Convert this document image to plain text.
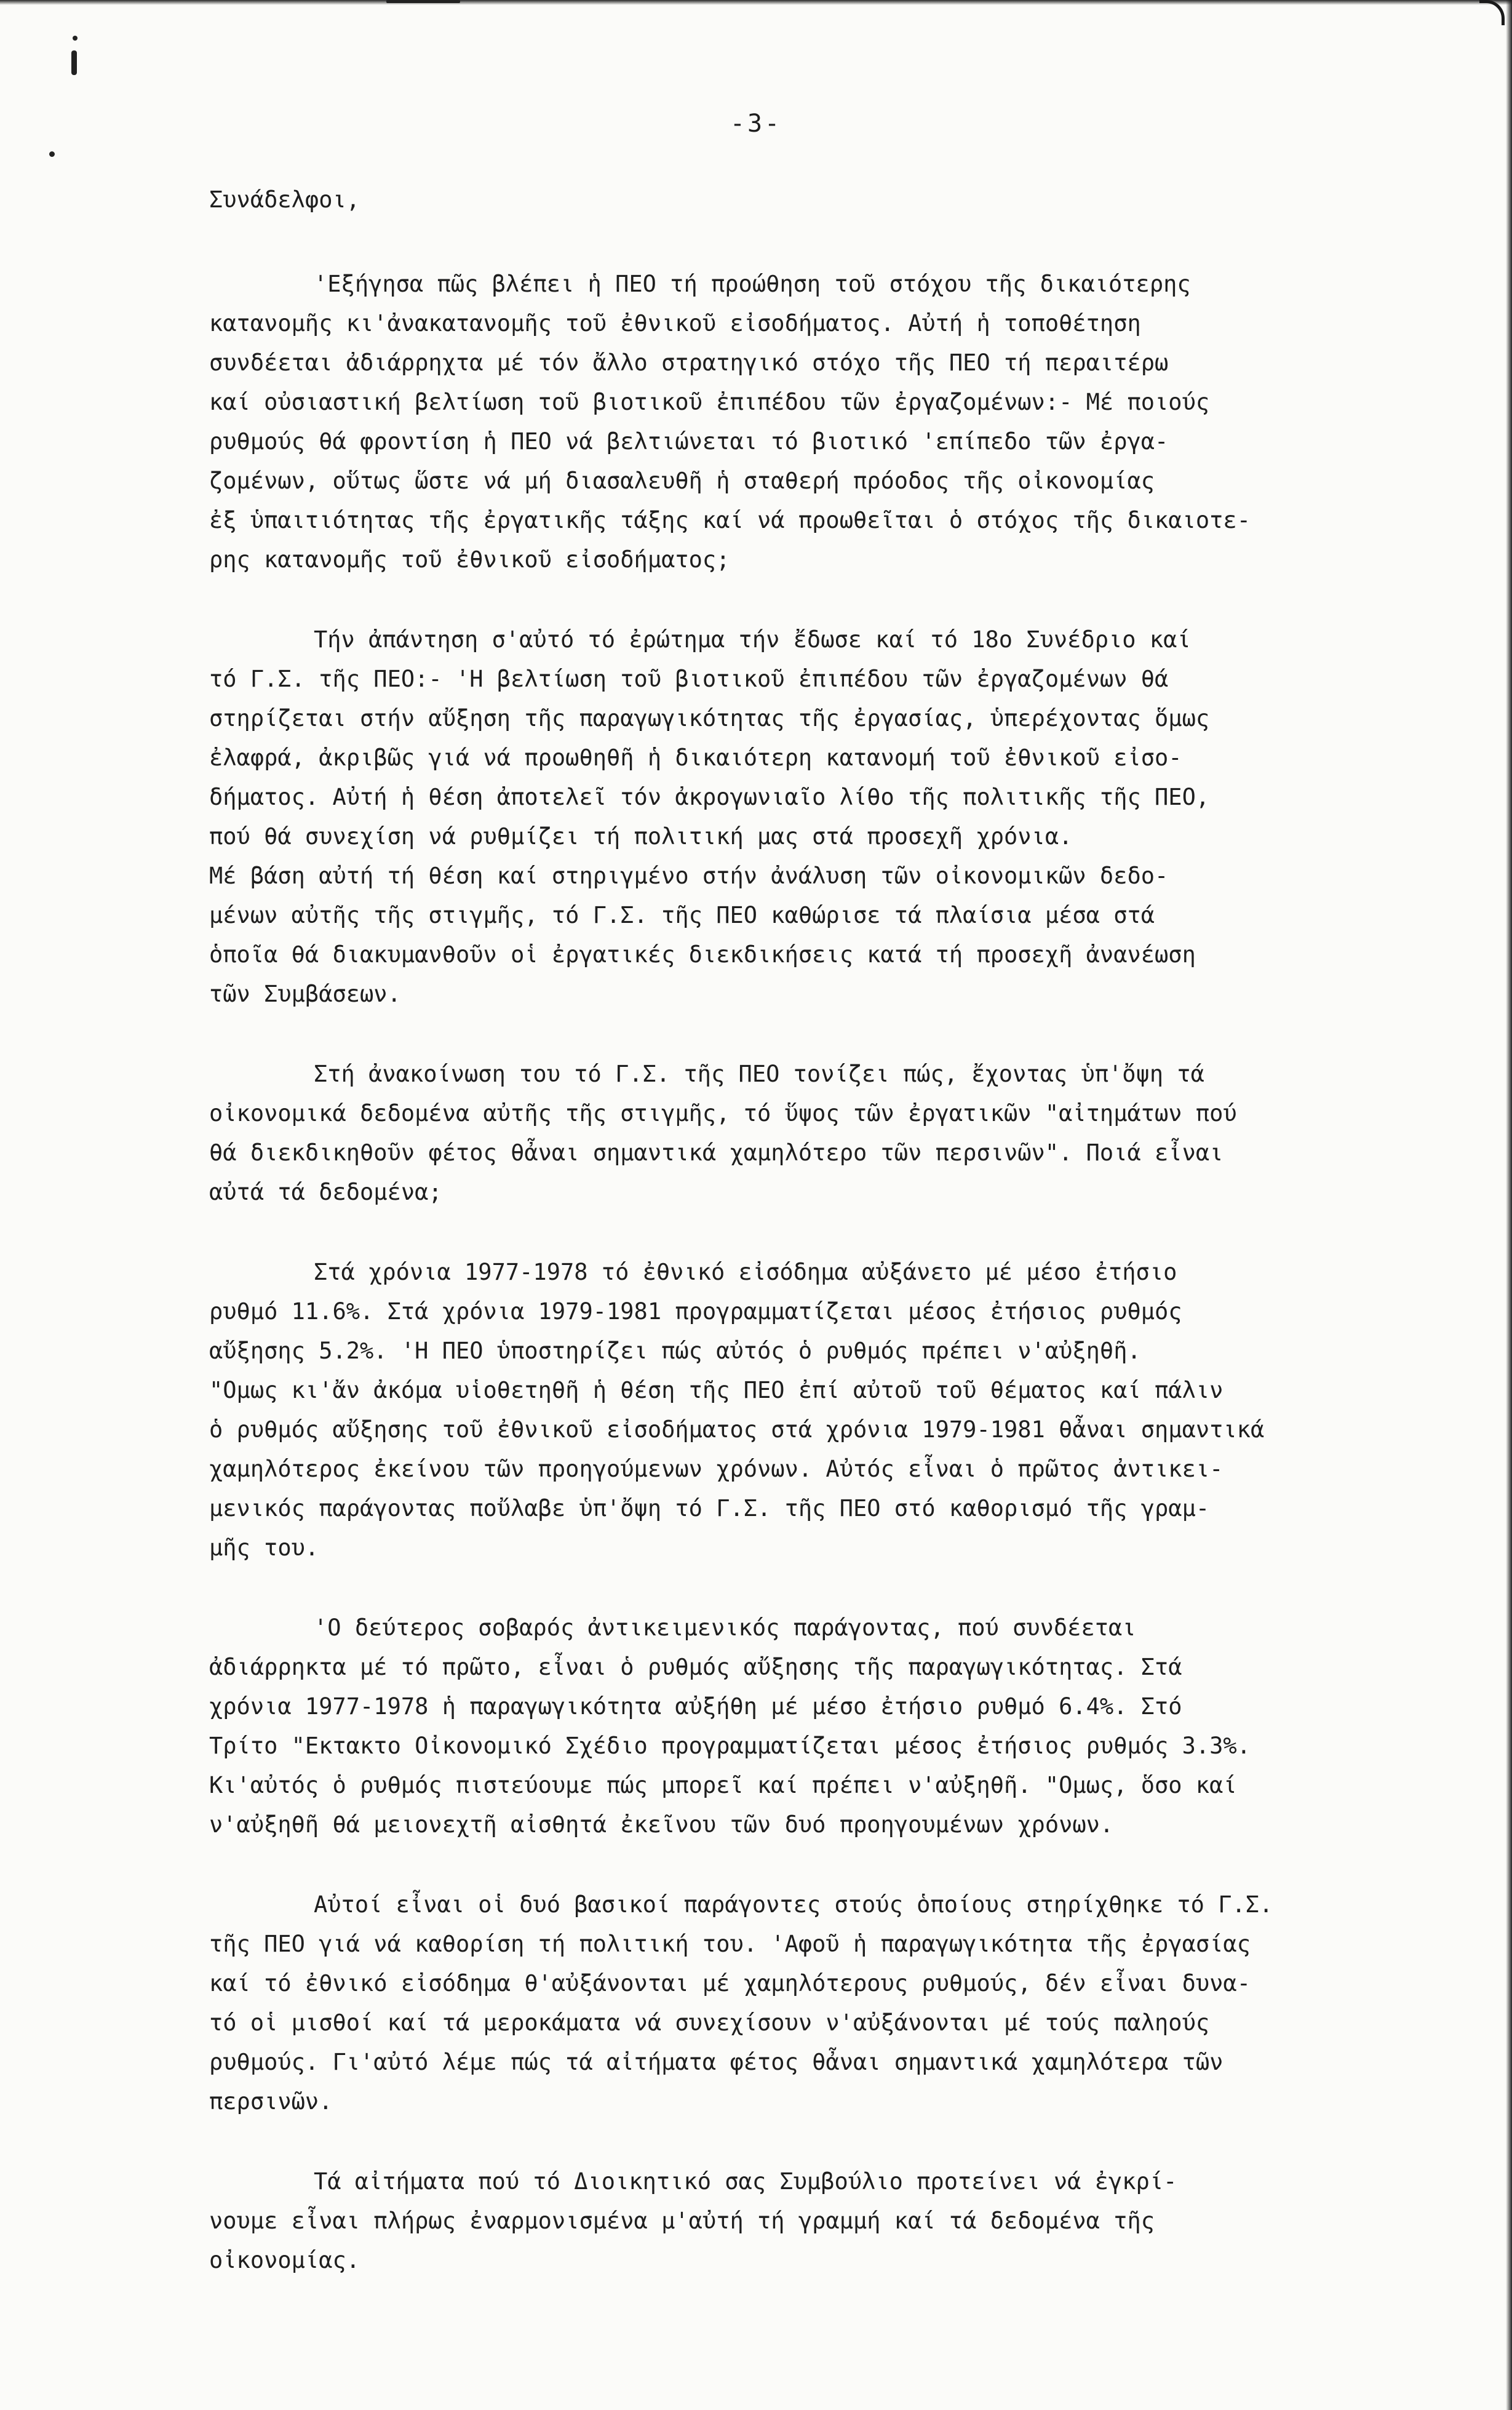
-3-
Συνάδελφοι,
'Εξήγησα πῶς βλέπει ἡ ΠΕΟ τή προώθηση τοῦ στόχου τῆς δικαιότερης
κατανομῆς κι'ἀνακατανομῆς τοῦ ἐθνικοῦ εἰσοδήματος. Αὐτή ἡ τοποθέτηση
συνδέεται ἀδιάρρηχτα μέ τόν ἄλλο στρατηγικό στόχο τῆς ΠΕΟ τή περαιτέρω
καί οὐσιαστική βελτίωση τοῦ βιοτικοῦ ἐπιπέδου τῶν ἐργαζομένων:- Μέ ποιούς
ρυθμούς θά φροντίση ἡ ΠΕΟ νά βελτιώνεται τό βιοτικό 'επίπεδο τῶν ἐργα-
ζομένων, οὕτως ὥστε νά μή διασαλευθῆ ἡ σταθερή πρόοδος τῆς οἰκονομίας
ἐξ ὑπαιτιότητας τῆς ἐργατικῆς τάξης καί νά προωθεῖται ὁ στόχος τῆς δικαιοτε-
ρης κατανομῆς τοῦ ἐθνικοῦ εἰσοδήματος;
Τήν ἀπάντηση σ'αὐτό τό ἐρώτημα τήν ἔδωσε καί τό 18ο Συνέδριο καί
τό Γ.Σ. τῆς ΠΕΟ:- 'Η βελτίωση τοῦ βιοτικοῦ ἐπιπέδου τῶν ἐργαζομένων θά
στηρίζεται στήν αὔξηση τῆς παραγωγικότητας τῆς ἐργασίας, ὑπερέχοντας ὅμως
ἐλαφρά, ἀκριβῶς γιά νά προωθηθῆ ἡ δικαιότερη κατανομή τοῦ ἐθνικοῦ εἰσο-
δήματος. Αὐτή ἡ θέση ἀποτελεῖ τόν ἀκρογωνιαῖο λίθο τῆς πολιτικῆς τῆς ΠΕΟ,
πού θά συνεχίση νά ρυθμίζει τή πολιτική μας στά προσεχῆ χρόνια.
Μέ βάση αὐτή τή θέση καί στηριγμένο στήν ἀνάλυση τῶν οἰκονομικῶν δεδο-
μένων αὐτῆς τῆς στιγμῆς, τό Γ.Σ. τῆς ΠΕΟ καθώρισε τά πλαίσια μέσα στά
ὁποῖα θά διακυμανθοῦν οἱ ἐργατικές διεκδικήσεις κατά τή προσεχῆ ἀνανέωση
τῶν Συμβάσεων.
Στή ἀνακοίνωση του τό Γ.Σ. τῆς ΠΕΟ τονίζει πώς, ἔχοντας ὑπ'ὄψη τά
οἰκονομικά δεδομένα αὐτῆς τῆς στιγμῆς, τό ὕψος τῶν ἐργατικῶν "αἰτημάτων πού
θά διεκδικηθοῦν φέτος θἆναι σημαντικά χαμηλότερο τῶν περσινῶν". Ποιά εἶναι
αὐτά τά δεδομένα;
Στά χρόνια 1977-1978 τό ἐθνικό εἰσόδημα αὐξάνετο μέ μέσο ἐτήσιο
ρυθμό 11.6%. Στά χρόνια 1979-1981 προγραμματίζεται μέσος ἐτήσιος ρυθμός
αὔξησης 5.2%. 'Η ΠΕΟ ὑποστηρίζει πώς αὐτός ὁ ρυθμός πρέπει ν'αὐξηθῆ.
"Ομως κι'ἄν ἀκόμα υἱοθετηθῆ ἡ θέση τῆς ΠΕΟ ἐπί αὐτοῦ τοῦ θέματος καί πάλιν
ὁ ρυθμός αὔξησης τοῦ ἐθνικοῦ εἰσοδήματος στά χρόνια 1979-1981 θἆναι σημαντικά
χαμηλότερος ἐκείνου τῶν προηγούμενων χρόνων. Αὐτός εἶναι ὁ πρῶτος ἀντικει-
μενικός παράγοντας ποὔλαβε ὑπ'ὄψη τό Γ.Σ. τῆς ΠΕΟ στό καθορισμό τῆς γραμ-
μῆς του.
'Ο δεύτερος σοβαρός ἀντικειμενικός παράγοντας, πού συνδέεται
ἀδιάρρηκτα μέ τό πρῶτο, εἶναι ὁ ρυθμός αὔξησης τῆς παραγωγικότητας. Στά
χρόνια 1977-1978 ἡ παραγωγικότητα αὐξήθη μέ μέσο ἐτήσιο ρυθμό 6.4%. Στό
Τρίτο "Εκτακτο Οἰκονομικό Σχέδιο προγραμματίζεται μέσος ἐτήσιος ρυθμός 3.3%.
Κι'αὐτός ὁ ρυθμός πιστεύουμε πώς μπορεῖ καί πρέπει ν'αὐξηθῆ. "Ομως, ὅσο καί
ν'αὐξηθῆ θά μειονεχτῆ αἰσθητά ἐκεῖνου τῶν δυό προηγουμένων χρόνων.
Αὐτοί εἶναι οἱ δυό βασικοί παράγοντες στούς ὁποίους στηρίχθηκε τό Γ.Σ.
τῆς ΠΕΟ γιά νά καθορίση τή πολιτική του. 'Αφοῦ ἡ παραγωγικότητα τῆς ἐργασίας
καί τό ἐθνικό εἰσόδημα θ'αὐξάνονται μέ χαμηλότερους ρυθμούς, δέν εἶναι δυνα-
τό οἱ μισθοί καί τά μεροκάματα νά συνεχίσουν ν'αὐξάνονται μέ τούς παληούς
ρυθμούς. Γι'αὐτό λέμε πώς τά αἰτήματα φέτος θἆναι σημαντικά χαμηλότερα τῶν
περσινῶν.
Τά αἰτήματα πού τό Διοικητικό σας Συμβούλιο προτείνει νά ἐγκρί-
νουμε εἶναι πλήρως ἐναρμονισμένα μ'αὐτή τή γραμμή καί τά δεδομένα τῆς
οἰκονομίας.
